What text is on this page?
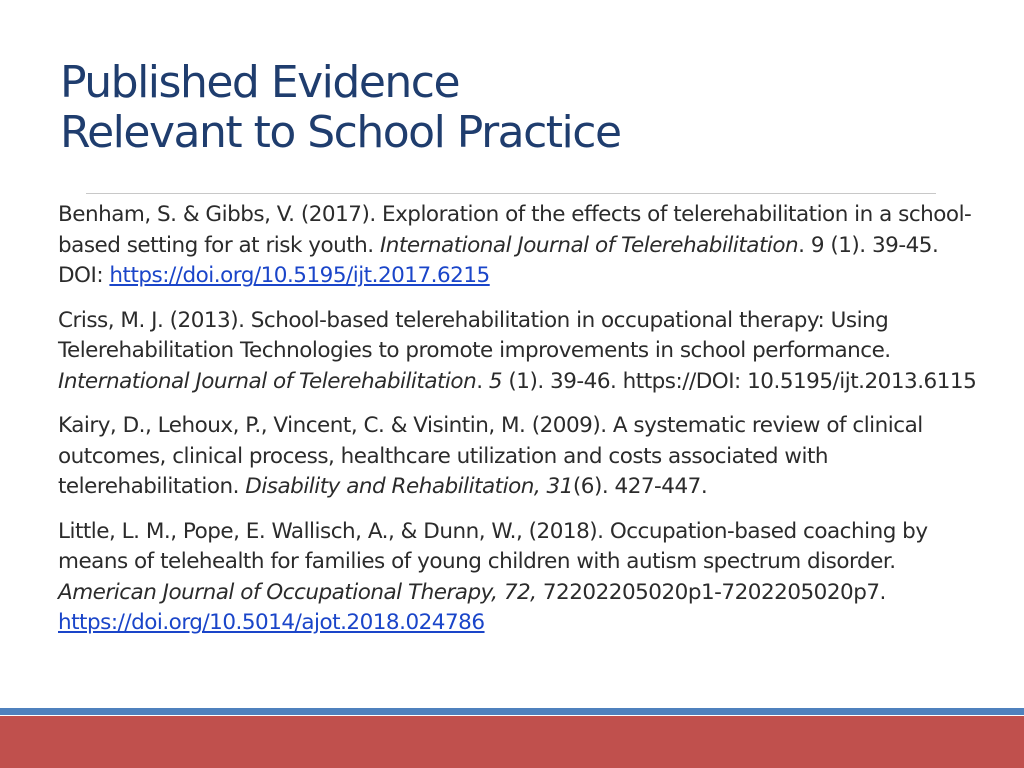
Published Evidence
Relevant to School Practice

Benham, S. & Gibbs, V. (2017). Exploration of the effects of telerehabilitation in a school-based setting for at risk youth. International Journal of Telerehabilitation. 9 (1). 39-45. DOI: https://doi.org/10.5195/ijt.2017.6215

Criss, M. J. (2013). School-based telerehabilitation in occupational therapy: Using Telerehabilitation Technologies to promote improvements in school performance. International Journal of Telerehabilitation. 5 (1). 39-46. https://DOI: 10.5195/ijt.2013.6115

Kairy, D., Lehoux, P., Vincent, C. & Visintin, M. (2009). A systematic review of clinical outcomes, clinical process, healthcare utilization and costs associated with telerehabilitation. Disability and Rehabilitation, 31(6). 427-447.

Little, L. M., Pope, E. Wallisch, A., & Dunn, W., (2018). Occupation-based coaching by means of telehealth for families of young children with autism spectrum disorder. American Journal of Occupational Therapy, 72, 72202205020p1-7202205020p7. https://doi.org/10.5014/ajot.2018.024786
